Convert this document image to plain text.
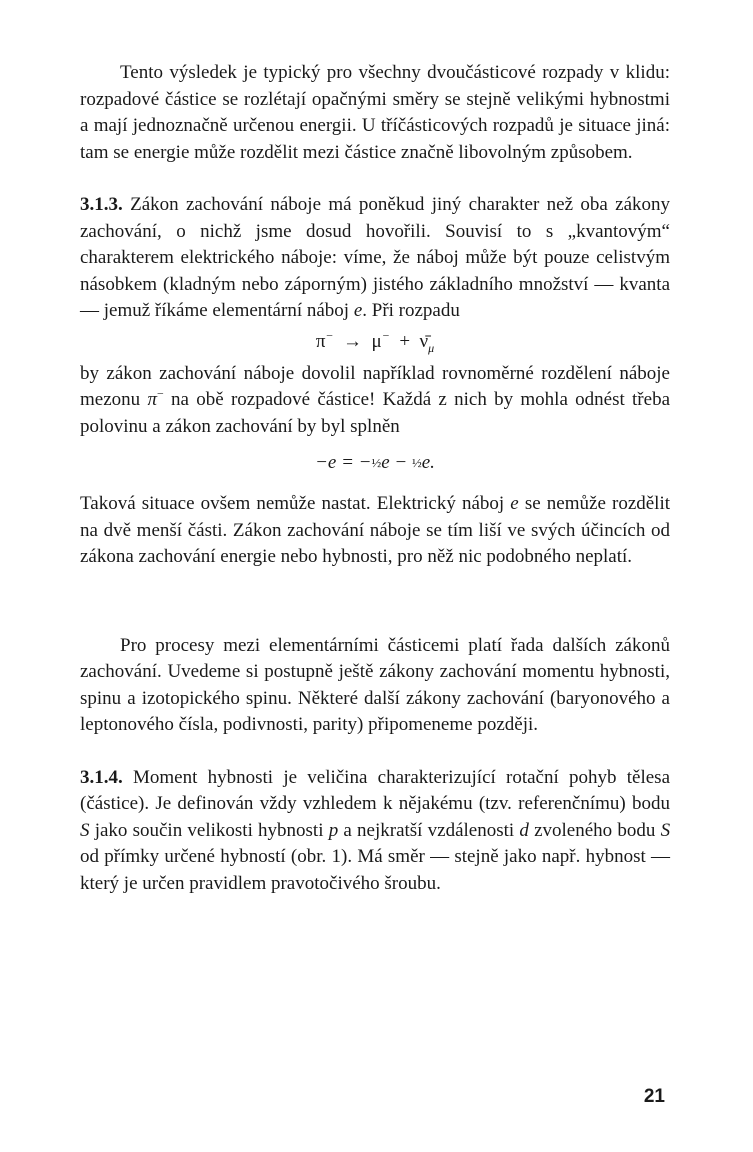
Tento výsledek je typický pro všechny dvoučásticové rozpady v klidu: rozpadové částice se rozlétají opačnými směry se stejně velikými hybnostmi a mají jednoznačně určenou energii. U tříčásticových rozpadů je situace jiná: tam se energie může rozdělit mezi částice značně libovolným způsobem.

3.1.3. Zákon zachování náboje má poněkud jiný charakter než oba zákony zachování, o nichž jsme dosud hovořili. Souvisí to s „kvantovým“ charakterem elektrického náboje: víme, že náboj může být pouze celistvým násobkem (kladným nebo záporným) jistého základního množství — kvanta — jemuž říkáme elementární náboj e. Při rozpadu

$\pi^- \to \mu^- + \nū_\mu$

by zákon zachování náboje dovolil například rovnoměrné rozdělení náboje mezonu π− na obě rozpadové částice! Každá z nich by mohla odnést třeba polovinu a zákon zachování by byl splněn

−e = −½e − ½e.

Taková situace ovšem nemůže nastat. Elektrický náboj e se nemůže rozdělit na dvě menší části. Zákon zachování náboje se tím liší ve svých účincích od zákona zachování energie nebo hybnosti, pro něž nic podobného neplatí.

Pro procesy mezi elementárními částicemi platí řada dalších zákonů zachování. Uvedeme si postupně ještě zákony zachování momentu hybnosti, spinu a izotopického spinu. Některé další zákony zachování (baryonového a leptonového čísla, podivnosti, parity) připomeneme později.

3.1.4. Moment hybnosti je veličina charakterizující rotační pohyb tělesa (částice). Je definován vždy vzhledem k nějakému (tzv. referenčnímu) bodu S jako součin velikosti hybnosti p a nejkratší vzdálenosti d zvoleného bodu S od přímky určené hybností (obr. 1). Má směr — stejně jako např. hybnost — který je určen pravidlem pravotočivého šroubu.

21
